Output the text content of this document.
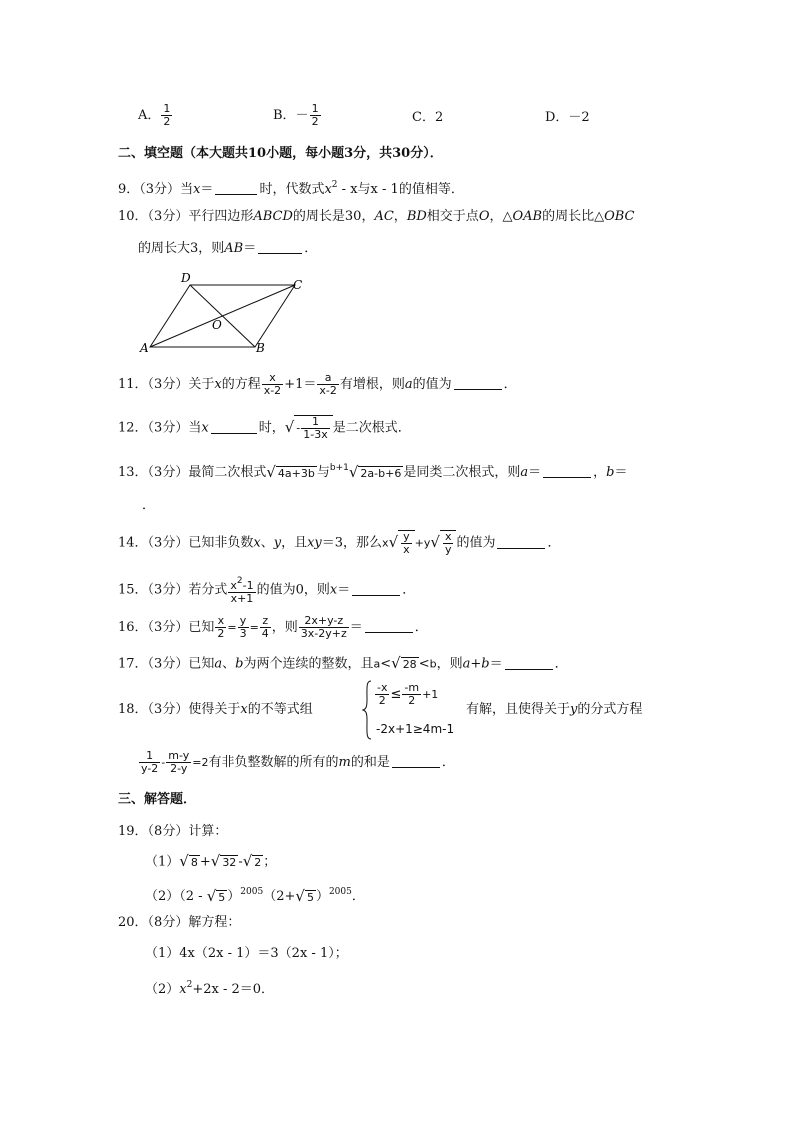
A． $\frac{1}{2}$	B．－ $\frac{1}{2}$	C．2	D．－2
二、填空题（本大题共10小题，每小题3分，共30分）．
9．（3分）当x＝	时，代数式$x^2$ - x与x - 1的值相等．
10．（3分）平行四边形ABCD的周长是30，AC，BD相交于点O，△OAB的周长比△OBC
的周长大3，则AB＝	．
A	B
C
D
O
11．（3分）关于x的方程 $\frac{x}{x-2} +1= \frac{a}{x-2}$ 有增根，则a的值为	．
12．（3分）当x	时，√ - $\frac{1}{1-3x}$ 是二次根式．
13．（3分）最简二次根式√ 4a+3b 与$^{b+1}$√ 2a-b+6 是同类二次根式，则a＝	，b＝
．
14．（3分）已知非负数x、y，且xy＝3，那么$x√ \frac{y}{x} +y√ \frac{x}{y}$ 的值为	．
15．（3分）若分式 $\frac{x^2-1}{x+1}$ 的值为0，则x＝	．
16．（3分）已知 $\frac{x}{2} = \frac{y}{3} = \frac{z}{4}$ ，则 $\frac{2x+y-z}{3x-2y+z}$ ＝	．
17．（3分）已知a、b为两个连续的整数，且a<√ 28 <b，则a+b＝	．
18．（3分）使得关于x的不等式组
$\frac{-x}{2} \le \frac{-m}{2} +1$
-2x+1≥4m-1
有解，且使得关于y的分式方程
$\frac{1}{y-2} - \frac{m-y}{2-y} =2$有非负整数解的所有的m的和是	．
三、解答题．
19．（8分）计算：
（1）√ 8 +√ 32 -√ 2 ；
（2）（2 - √ 5 ）$^{2005}$（2+√ 5 ）$^{2005}$．
20．（8分）解方程：
（1）4x（2x - 1）＝3（2x - 1）；
$(2)x^2+2x - 2=0$．
